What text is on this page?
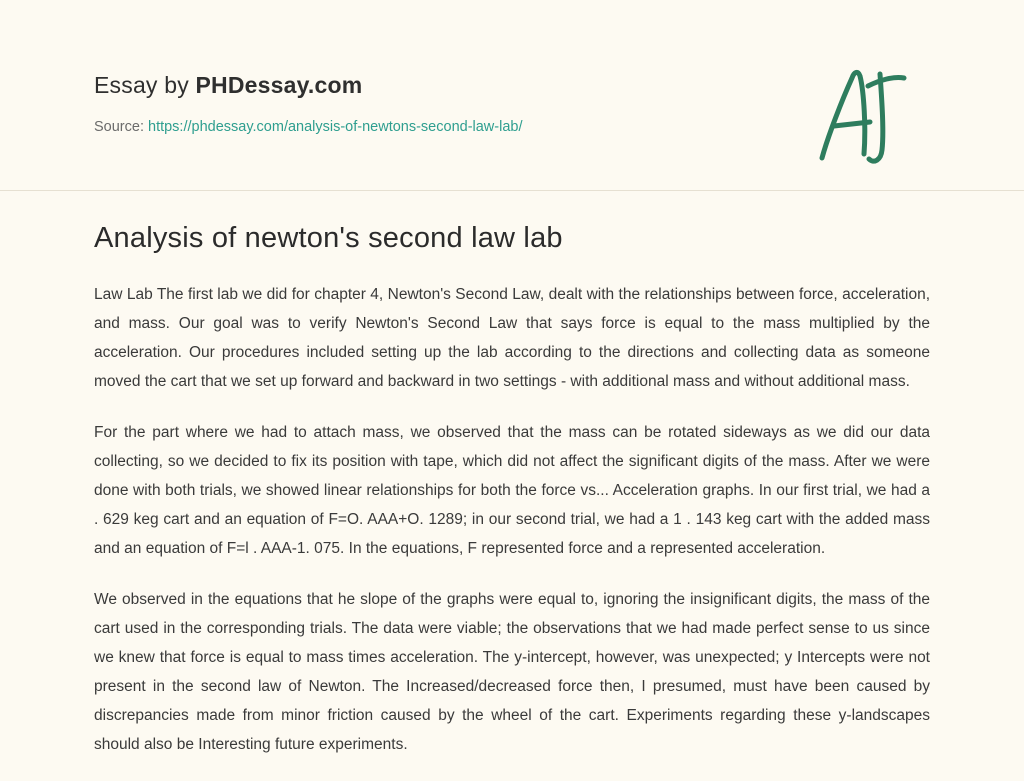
Essay by PHDessay.com
Source: https://phdessay.com/analysis-of-newtons-second-law-lab/
Analysis of newton's second law lab

Law Lab The first lab we did for chapter 4, Newton's Second Law, dealt with the relationships between force, acceleration, and mass. Our goal was to verify Newton's Second Law that says force is equal to the mass multiplied by the acceleration. Our procedures included setting up the lab according to the directions and collecting data as someone moved the cart that we set up forward and backward in two settings - with additional mass and without additional mass.

For the part where we had to attach mass, we observed that the mass can be rotated sideways as we did our data collecting, so we decided to fix its position with tape, which did not affect the significant digits of the mass. After we were done with both trials, we showed linear relationships for both the force vs... Acceleration graphs. In our first trial, we had a . 629 keg cart and an equation of F=O. AAA+O. 1289; in our second trial, we had a 1 . 143 keg cart with the added mass and an equation of F=l . AAA-1. 075. In the equations, F represented force and a represented acceleration.

We observed in the equations that he slope of the graphs were equal to, ignoring the insignificant digits, the mass of the cart used in the corresponding trials. The data were viable; the observations that we had made perfect sense to us since we knew that force is equal to mass times acceleration. The y-intercept, however, was unexpected; y Intercepts were not present in the second law of Newton. The Increased/decreased force then, I presumed, must have been caused by discrepancies made from minor friction caused by the wheel of the cart. Experiments regarding these y-landscapes should also be Interesting future experiments.
